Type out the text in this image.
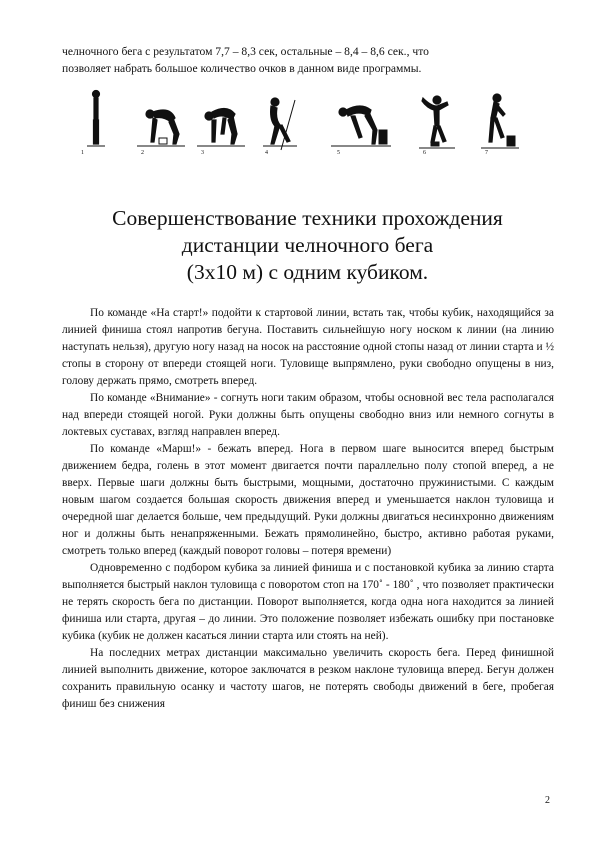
челночного бега с результатом 7,7 – 8,3 сек, остальные – 8,4 – 8,6 сек., что

позволяет набрать большое количество очков в данном виде программы.

1	2	3	4	5	6	7
Совершенствование техники прохождения
дистанции челночного бега
(3х10 м) с одним кубиком.

По команде «На старт!» подойти к стартовой линии, встать так, чтобы кубик, находящийся за линией финиша стоял напротив бегуна. Поставить сильнейшую ногу носком к линии (на линию наступать нельзя), другую ногу назад на носок на расстояние одной стопы назад от линии старта и ½ стопы в сторону от впереди стоящей ноги. Туловище выпрямлено, руки свободно опущены в низ, голову держать прямо, смотреть вперед.

По команде «Внимание» - согнуть ноги таким образом, чтобы основной вес тела располагался над впереди стоящей ногой. Руки должны быть опущены свободно вниз или немного согнуты в локтевых суставах, взгляд направлен вперед.

По команде «Марш!» - бежать вперед. Нога в первом шаге выносится вперед быстрым движением бедра, голень в этот момент двигается почти параллельно полу стопой вперед, а не вверх. Первые шаги должны быть быстрыми, мощными, достаточно пружинистыми. С каждым новым шагом создается большая скорость движения вперед и уменьшается наклон туловища и очередной шаг делается больше, чем предыдущий. Руки должны двигаться несинхронно движениям ног и должны быть ненапряженными. Бежать прямолинейно, быстро, активно работая руками, смотреть только вперед (каждый поворот головы – потеря времени)

Одновременно с подбором кубика за линией финиша и с постановкой кубика за линию старта выполняется быстрый наклон туловища с поворотом стоп на 170˚ - 180˚ , что позволяет практически не терять скорость бега по дистанции. Поворот выполняется, когда одна нога находится за линией финиша или старта, другая – до линии. Это положение позволяет избежать ошибку при постановке кубика (кубик не должен касаться линии старта или стоять на ней).

На последних метрах дистанции максимально увеличить скорость бега. Перед финишной линией выполнить движение, которое заключатся в резком наклоне туловища вперед. Бегун должен сохранить правильную осанку и частоту шагов, не потерять свободы движений в беге, пробегая финиш без снижения

2
